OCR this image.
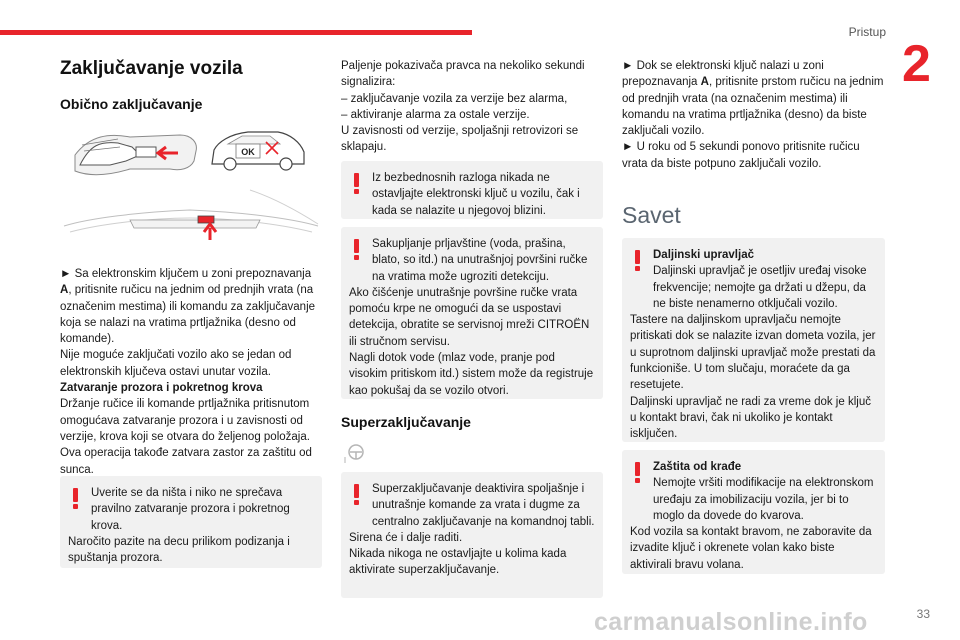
Pristup
2
Zaključavanje vozila
Obično zaključavanje
OK

► Sa elektronskim ključem u zoni prepoznavanja A, pritisnite ručicu na jednim od prednjih vrata (na označenim mestima) ili komandu za zaključavanje koja se nalazi na vratima prtljažnika (desno od komande).

Nije moguće zaključati vozilo ako se jedan od elektronskih ključeva ostavi unutar vozila.

Zatvaranje prozora i pokretnog krova

Držanje ručice ili komande prtljažnika pritisnutom omogućava zatvaranje prozora i u zavisnosti od verzije, krova koji se otvara do željenog položaja.

Ova operacija takođe zatvara zastor za zaštitu od sunca.

Uverite se da ništa i niko ne sprečava pravilno zatvaranje prozora i pokretnog krova.

Naročito pazite na decu prilikom podizanja i spuštanja prozora.

Paljenje pokazivača pravca na nekoliko sekundi signalizira:

– zaključavanje vozila za verzije bez alarma,

– aktiviranje alarma za ostale verzije.

U zavisnosti od verzije, spoljašnji retrovizori se sklapaju.

Iz bezbednosnih razloga nikada ne ostavljajte elektronski ključ u vozilu, čak i kada se nalazite u njegovoj blizini.

Sakupljanje prljavštine (voda, prašina, blato, so itd.) na unutrašnjoj površini ručke na vratima može ugroziti detekciju.

Ako čišćenje unutrašnje površine ručke vrata pomoću krpe ne omogući da se uspostavi detekcija, obratite se servisnoj mreži CITROËN ili stručnom servisu.

Nagli dotok vode (mlaz vode, pranje pod visokim pritiskom itd.) sistem može da registruje kao pokušaj da se vozilo otvori.

Superzaključavanje

Superzaključavanje deaktivira spoljašnje i unutrašnje komande za vrata i dugme za centralno zaključavanje na komandnoj tabli.

Sirena će i dalje raditi.

Nikada nikoga ne ostavljajte u kolima kada aktivirate superzaključavanje.

► Dok se elektronski ključ nalazi u zoni prepoznavanja A, pritisnite prstom ručicu na jednim od prednjih vrata (na označenim mestima) ili komandu na vratima prtljažnika (desno) da biste zaključali vozilo.

► U roku od 5 sekundi ponovo pritisnite ručicu vrata da biste potpuno zaključali vozilo.

Savet

Daljinski upravljač

Daljinski upravljač je osetljiv uređaj visoke frekvencije; nemojte ga držati u džepu, da ne biste nenamerno otključali vozilo.

Tastere na daljinskom upravljaču nemojte pritiskati dok se nalazite izvan dometa vozila, jer u suprotnom daljinski upravljač može prestati da funkcioniše. U tom slučaju, moraćete da ga resetujete.

Daljinski upravljač ne radi za vreme dok je ključ u kontakt bravi, čak ni ukoliko je kontakt isključen.

Zaštita od krađe

Nemojte vršiti modifikacije na elektronskom uređaju za imobilizaciju vozila, jer bi to moglo da dovede do kvarova.

Kod vozila sa kontakt bravom, ne zaboravite da izvadite ključ i okrenete volan kako biste aktivirali bravu volana.

carmanualsonline.info	33
